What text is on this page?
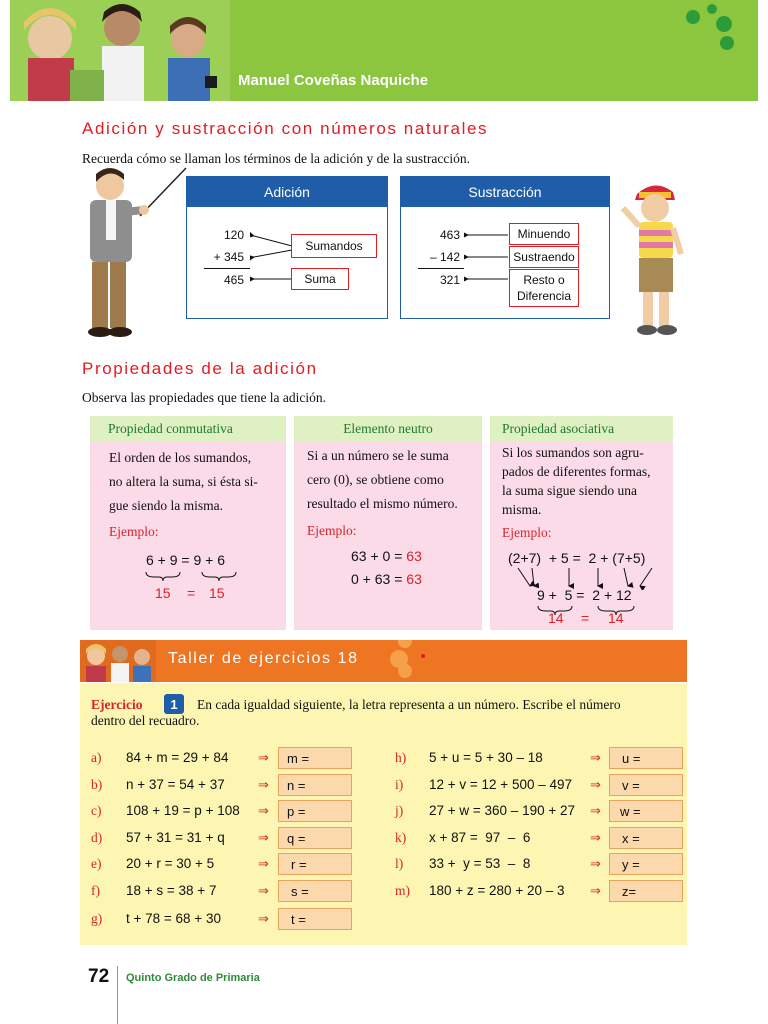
Manuel Coveñas Naquiche
Adición y sustracción con números naturales
Recuerda cómo se llaman los términos de la adición y de la sustracción.
Adición
120
+ 345
465
Sumandos
Suma
Sustracción
463
– 142
321
Minuendo
Sustraendo
Resto o
Diferencia
Propiedades de la adición
Observa las propiedades que tiene la adición.
Propiedad conmutativa
El orden de los sumandos,
no altera la suma, si ésta si-
gue siendo la misma.
Ejemplo:
6 + 9 = 9 + 6
15 = 15
Elemento neutro
Si a un número se le suma
cero (0), se obtiene como
resultado el mismo número.
Ejemplo:
63 + 0 = 63
0 + 63 = 63
Propiedad asociativa
Si los sumandos son agru-
pados de diferentes formas,
la suma sigue siendo una
misma.
Ejemplo:
(2+7)  + 5 =  2 + (7+5)
9 +  5 =  2 + 12
14 = 14
Taller de ejercicios 18
Ejercicio	1	En cada igualdad siguiente, la letra representa a un número. Escribe el número
dentro del recuadro.
a) 84 + m = 29 + 84 ⇒	m =
b) n + 37 = 54 + 37	⇒	n =
c) 108 + 19 = p + 108 ⇒	p =
d) 57 + 31 = 31 + q	⇒	q =
e) 20 + r = 30 + 5	⇒	r =
f) 18 + s = 38 + 7	⇒	s =
g) t + 78 = 68 + 30	⇒	t =
h) 5 + u = 5 + 30 – 18	⇒	u =
i) 12 + v = 12 + 500 – 497 ⇒	v =
j) 27 + w = 360 – 190 + 27 ⇒	w =
k) x + 87 =  97  –  6	⇒	x =
l) 33 +  y = 53  –  8	⇒	y =
m) 180 + z = 280 + 20 – 3 ⇒	z=
72 Quinto Grado de Primaria
